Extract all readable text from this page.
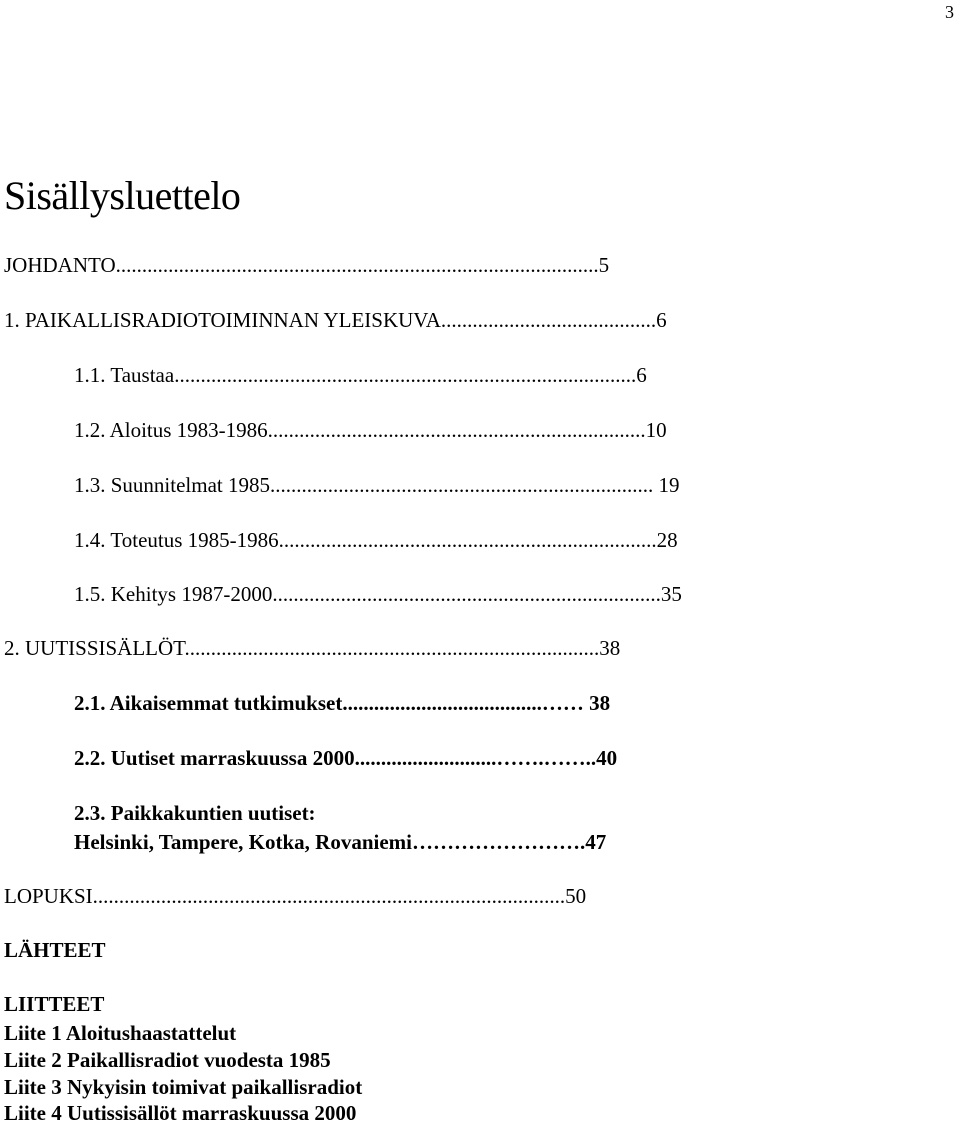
3
Sisällysluettelo
JOHDANTO............................................................................................5
1. PAIKALLISRADIOTOIMINNAN YLEISKUVA.........................................6
1.1. Taustaa........................................................................................6
1.2. Aloitus 1983-1986........................................................................10
1.3. Suunnitelmat 1985......................................................................... 19
1.4. Toteutus 1985-1986........................................................................28
1.5. Kehitys 1987-2000..........................................................................35
2. UUTISSISÄLLÖT...............................................................................38
2.1. Aikaisemmat tutkimukset......................................…… 38
2.2. Uutiset marraskuussa 2000...........................…….……..40
2.3. Paikkakuntien uutiset:
Helsinki, Tampere, Kotka, Rovaniemi…………………….47
LOPUKSI..........................................................................................50
LÄHTEET
LIITTEET
Liite 1 Aloitushaastattelut
Liite 2 Paikallisradiot vuodesta 1985
Liite 3 Nykyisin toimivat paikallisradiot
Liite 4 Uutissisällöt marraskuussa 2000
